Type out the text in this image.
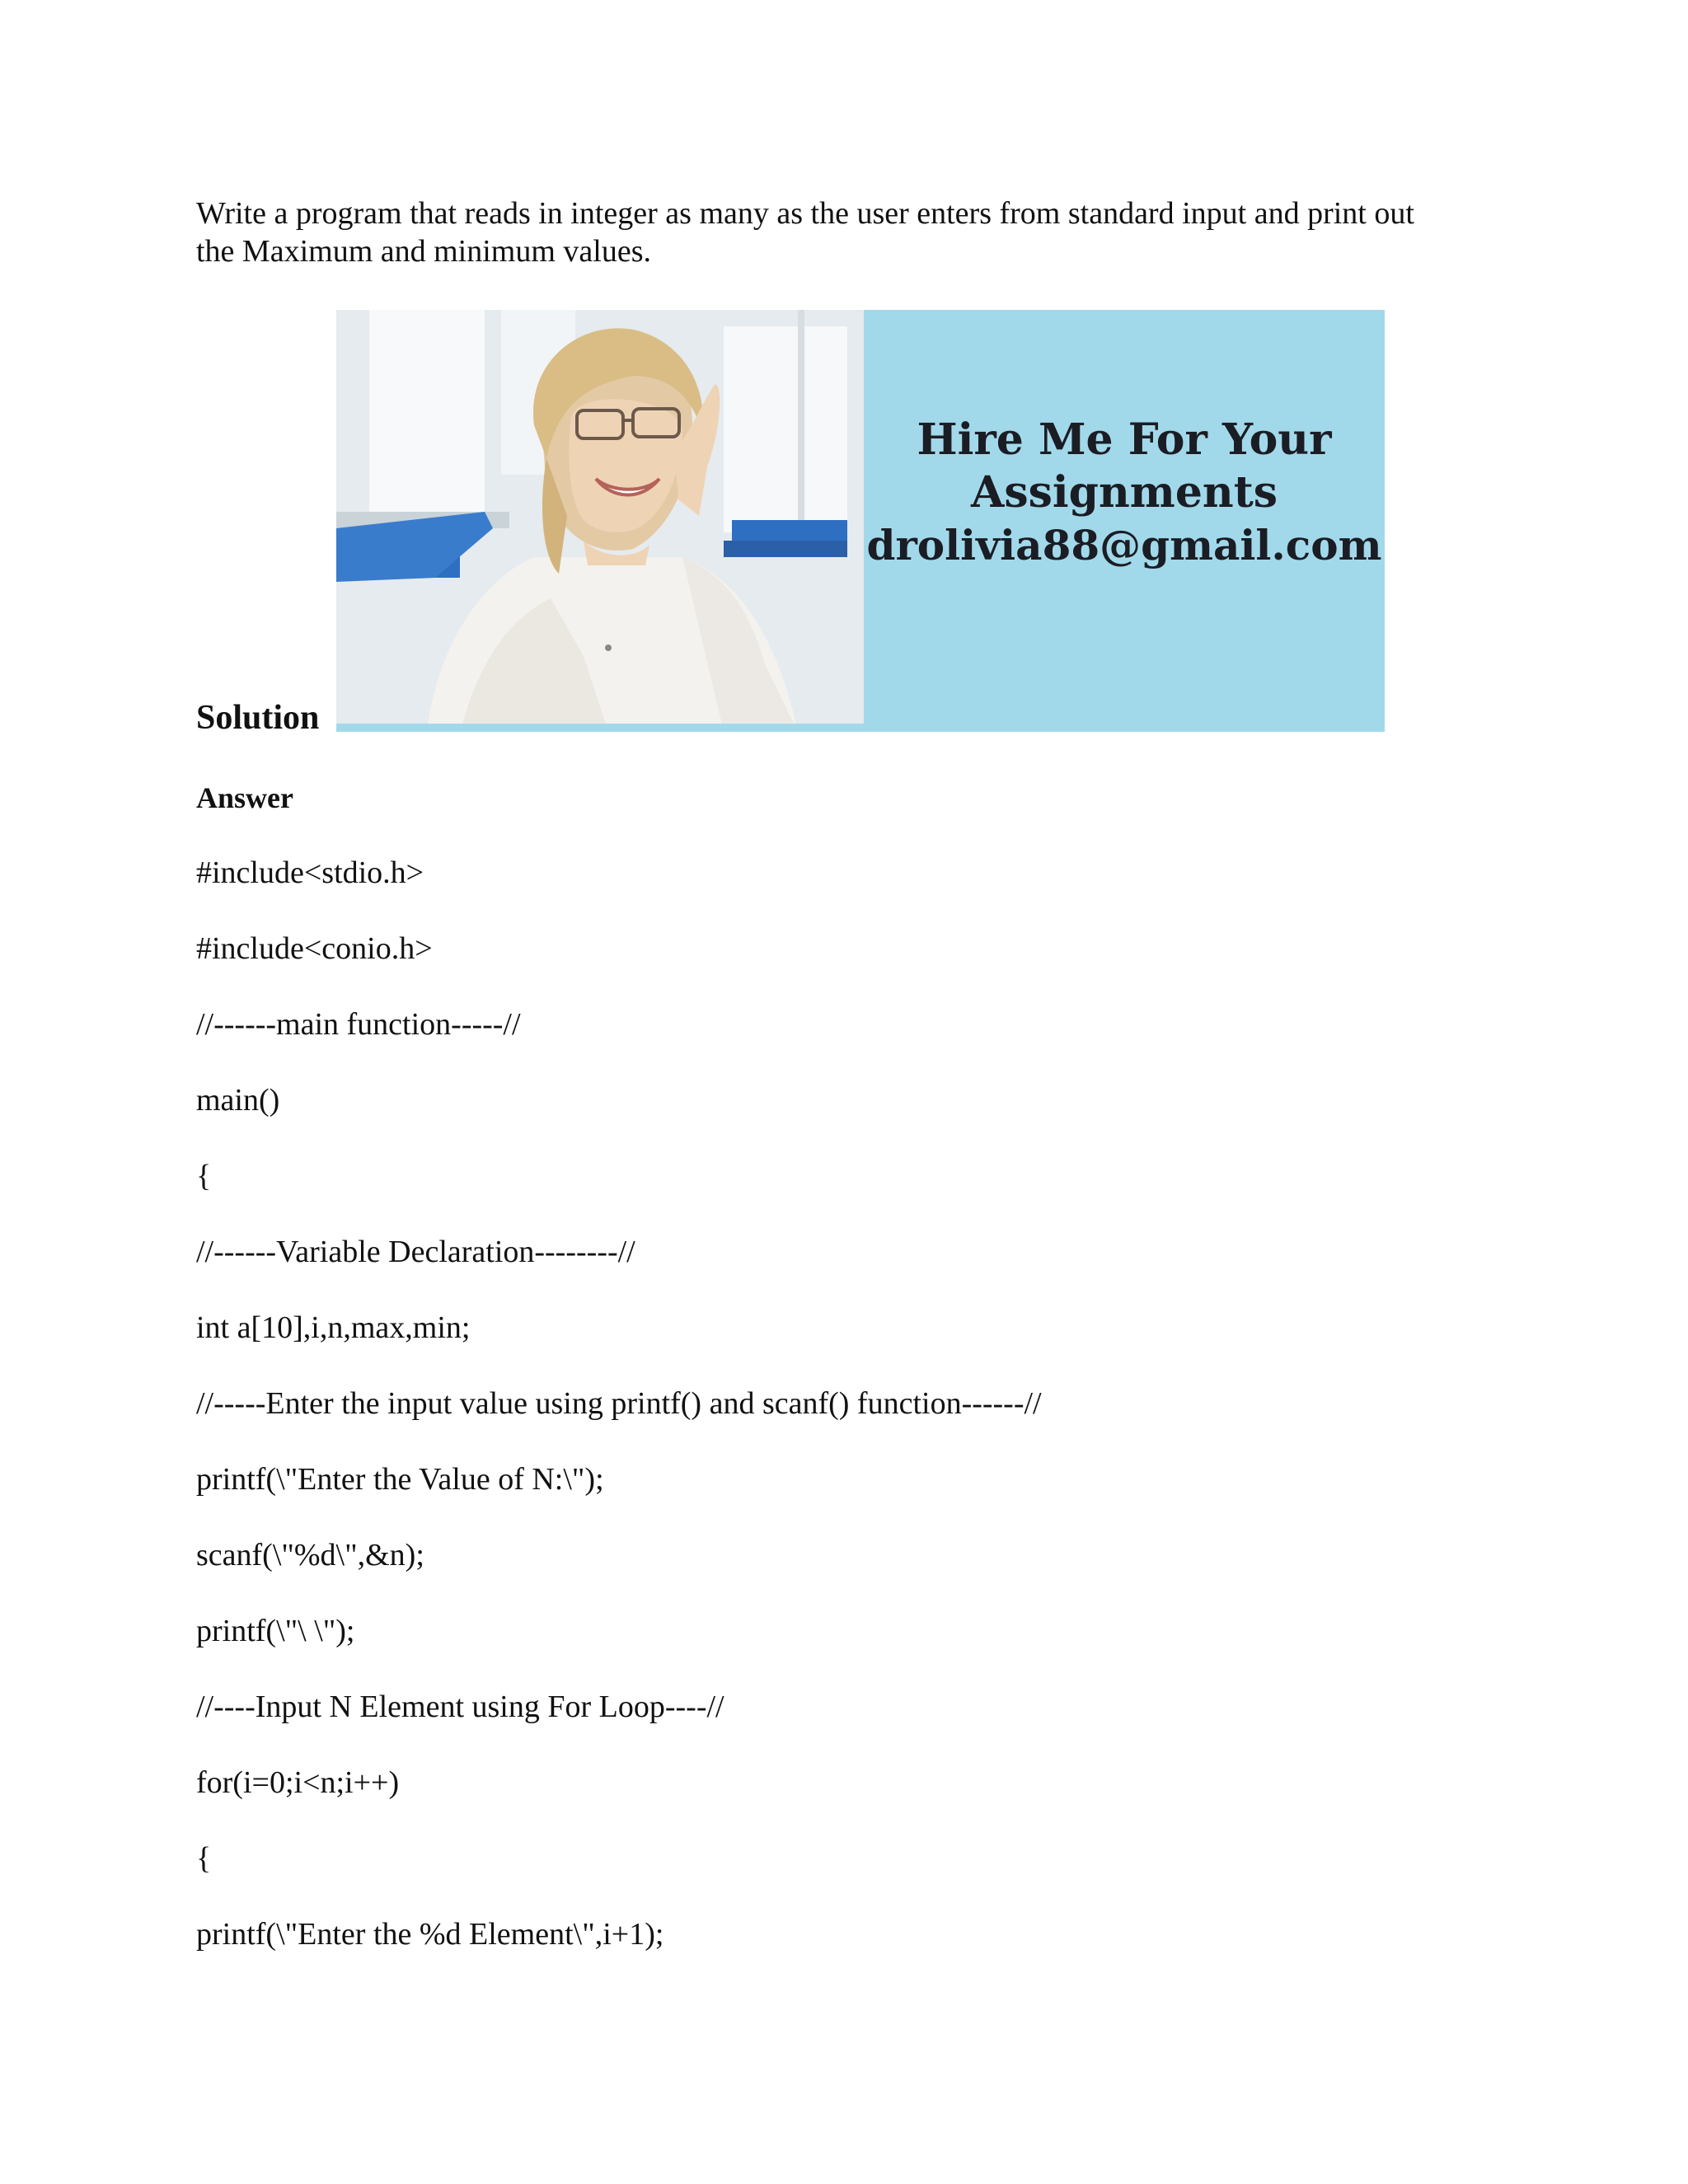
Write a program that reads in integer as many as the user enters from standard input and print out
the Maximum and minimum values.
Hire Me For Your
Assignments
drolivia88@gmail.com
Solution
Answer
#include<stdio.h>
#include<conio.h>
//------main function-----//
main()
{
//------Variable Declaration--------//
int a[10],i,n,max,min;
//-----Enter the input value using printf() and scanf() function------//
printf(\"Enter the Value of N:\");
scanf(\"%d\",&n);
printf(\"\ \");
//----Input N Element using For Loop----//
for(i=0;i<n;i++)
{
printf(\"Enter the %d Element\",i+1);
